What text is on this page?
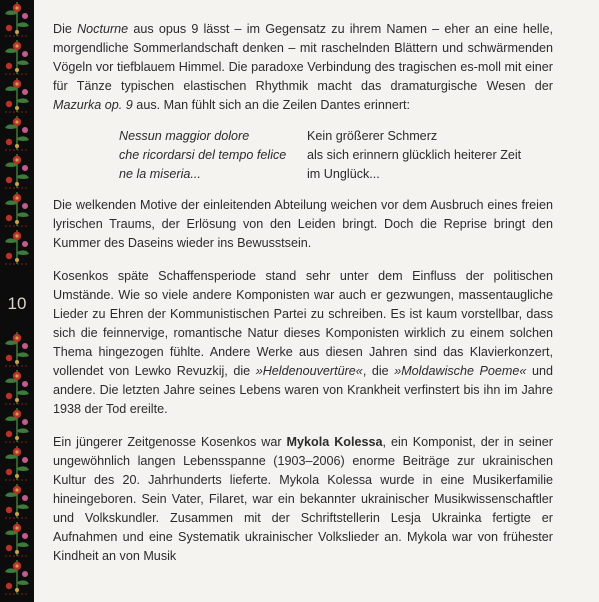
10

Die Nocturne aus opus 9 lässt – im Gegensatz zu ihrem Namen – eher an eine helle, morgendliche Sommerlandschaft denken – mit raschelnden Blättern und schwärmenden Vögeln vor tiefblauem Himmel. Die paradoxe Verbindung des tragischen es-moll mit einer für Tänze typischen elastischen Rhythmik macht das dramaturgische Wesen der Mazurka op. 9 aus. Man fühlt sich an die Zeilen Dantes erinnert:

Nessun maggior dolore	Kein größerer Schmerz
che ricordarsi del tempo felice	als sich erinnern glücklich heiterer Zeit
ne la miseria...	im Unglück...

Die welkenden Motive der einleitenden Abteilung weichen vor dem Ausbruch eines freien lyrischen Traums, der Erlösung von den Leiden bringt. Doch die Reprise bringt den Kummer des Daseins wieder ins Bewusstsein.

Kosenkos späte Schaffensperiode stand sehr unter dem Einfluss der politischen Umstände. Wie so viele andere Komponisten war auch er gezwungen, massentaugliche Lieder zu Ehren der Kommunistischen Partei zu schreiben. Es ist kaum vorstellbar, dass sich die feinnervige, romantische Natur dieses Komponisten wirklich zu einem solchen Thema hingezogen fühlte. Andere Werke aus diesen Jahren sind das Klavierkonzert, vollendet von Lewko Revuzkij, die »Heldenouvertüre«, die »Moldawische Poeme« und andere. Die letzten Jahre seines Lebens waren von Krankheit verfinstert bis ihn im Jahre 1938 der Tod ereilte.

Ein jüngerer Zeitgenosse Kosenkos war Mykola Kolessa, ein Komponist, der in seiner ungewöhnlich langen Lebensspanne (1903–2006) enorme Beiträge zur ukrainischen Kultur des 20. Jahrhunderts lieferte. Mykola Kolessa wurde in eine Musikerfamilie hineingeboren. Sein Vater, Filaret, war ein bekannter ukrainischer Musikwissenschaftler und Volkskundler. Zusammen mit der Schriftstellerin Lesja Ukrainka fertigte er Aufnahmen und eine Systematik ukrainischer Volkslieder an. Mykola war von frühester Kindheit an von Musik
